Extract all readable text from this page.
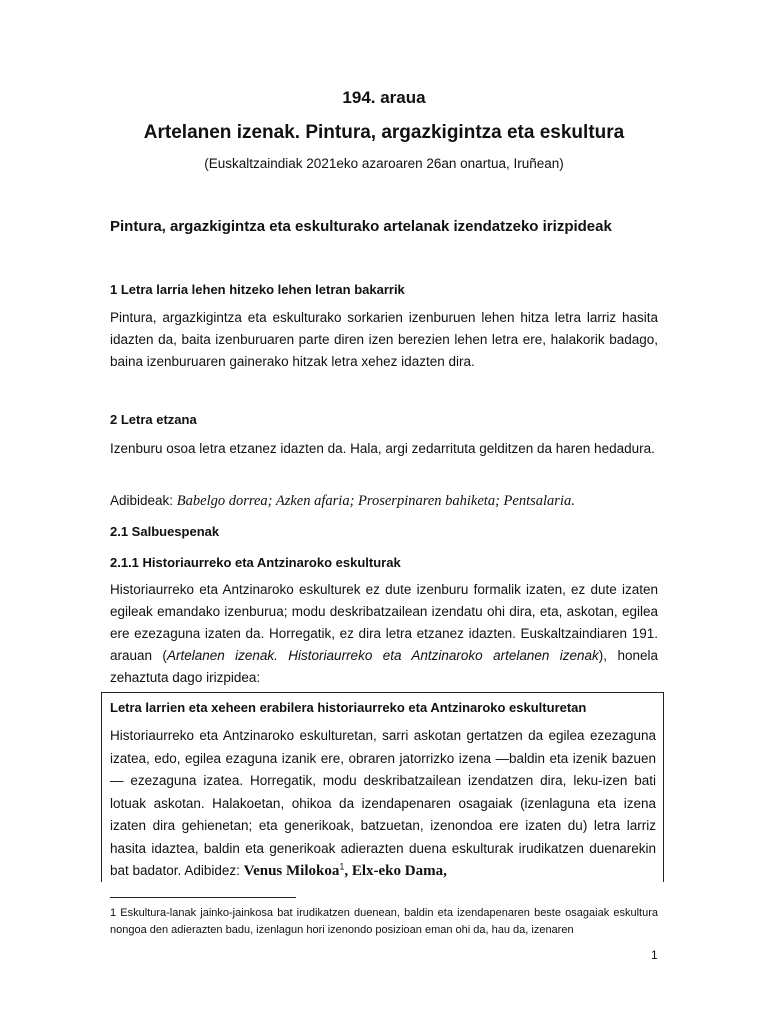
194. araua
Artelanen izenak. Pintura, argazkigintza eta eskultura
(Euskaltzaindiak 2021eko azaroaren 26an onartua, Iruñean)
Pintura, argazkigintza eta eskulturako artelanak izendatzeko irizpideak
1 Letra larria lehen hitzeko lehen letran bakarrik

Pintura, argazkigintza eta eskulturako sorkarien izenburuen lehen hitza letra larriz hasita idazten da, baita izenburuaren parte diren izen berezien lehen letra ere, halakorik badago, baina izenburuaren gainerako hitzak letra xehez idazten dira.

2 Letra etzana

Izenburu osoa letra etzanez idazten da. Hala, argi zedarrituta gelditzen da haren hedadura.

Adibideak: Babelgo dorrea; Azken afaria; Proserpinaren bahiketa; Pentsalaria.

2.1 Salbuespenak
2.1.1 Historiaurreko eta Antzinaroko eskulturak

Historiaurreko eta Antzinaroko eskulturek ez dute izenburu formalik izaten, ez dute izaten egileak emandako izenburua; modu deskribatzailean izendatu ohi dira, eta, askotan, egilea ere ezezaguna izaten da. Horregatik, ez dira letra etzanez idazten. Euskaltzaindiaren 191. arauan (Artelanen izenak. Historiaurreko eta Antzinaroko artelanen izenak), honela zehaztuta dago irizpidea:

Letra larrien eta xeheen erabilera historiaurreko eta Antzinaroko eskulturetan

Historiaurreko eta Antzinaroko eskulturetan, sarri askotan gertatzen da egilea ezezaguna izatea, edo, egilea ezaguna izanik ere, obraren jatorrizko izena —baldin eta izenik bazuen— ezezaguna izatea. Horregatik, modu deskribatzailean izendatzen dira, leku-izen bati lotuak askotan. Halakoetan, ohikoa da izendapenaren osagaiak (izenlaguna eta izena izaten dira gehienetan; eta generikoak, batzuetan, izenondoa ere izaten du) letra larriz hasita idaztea, baldin eta generikoak adierazten duena eskulturak irudikatzen duenarekin bat badator. Adibidez: Venus Milokoa$^1$, Elx-eko Dama,

1 Eskultura-lanak jainko-jainkosa bat irudikatzen duenean, baldin eta izendapenaren beste osagaiak eskultura nongoa den adierazten badu, izenlagun hori izenondo posizioan eman ohi da, hau da, izenaren

1
